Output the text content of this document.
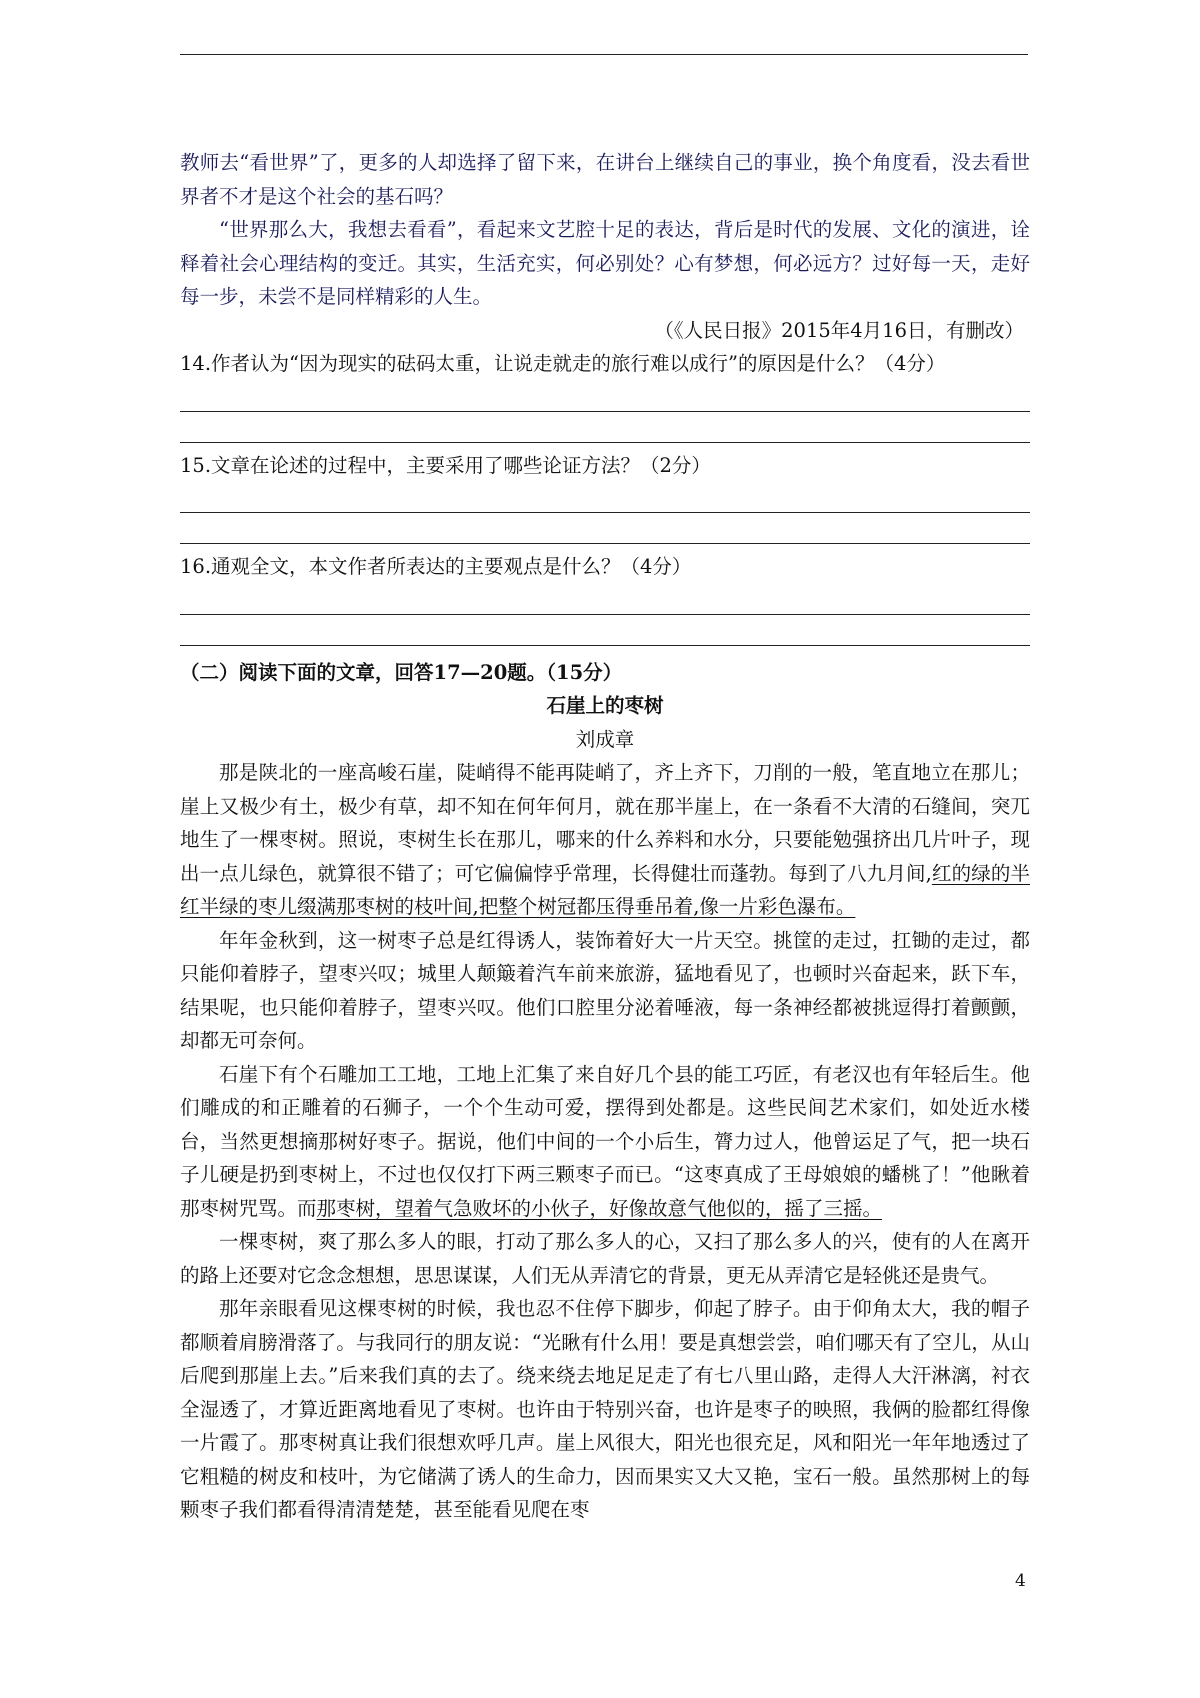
教师去“看世界”了，更多的人却选择了留下来，在讲台上继续自己的事业，换个角度看，没去看世界者不才是这个社会的基石吗？

“世界那么大，我想去看看”，看起来文艺腔十足的表达，背后是时代的发展、文化的演进，诠释着社会心理结构的变迁。其实，生活充实，何必别处？心有梦想，何必远方？过好每一天，走好每一步，未尝不是同样精彩的人生。

（《人民日报》2015年4月16日，有删改）

14.作者认为“因为现实的砝码太重，让说走就走的旅行难以成行”的原因是什么？（4分）

15.文章在论述的过程中，主要采用了哪些论证方法？（2分）

16.通观全文，本文作者所表达的主要观点是什么？（4分）

（二）阅读下面的文章，回答17—20题。（15分）

石崖上的枣树

刘成章

那是陕北的一座高峻石崖，陡峭得不能再陡峭了，齐上齐下，刀削的一般，笔直地立在那儿；崖上又极少有土，极少有草，却不知在何年何月，就在那半崖上，在一条看不大清的石缝间，突兀地生了一棵枣树。照说，枣树生长在那儿，哪来的什么养料和水分，只要能勉强挤出几片叶子，现出一点儿绿色，就算很不错了；可它偏偏悖乎常理，长得健壮而蓬勃。每到了八九月间,红的绿的半红半绿的枣儿缀满那枣树的枝叶间,把整个树冠都压得垂吊着,像一片彩色瀑布。

年年金秋到，这一树枣子总是红得诱人，装饰着好大一片天空。挑筐的走过，扛锄的走过，都只能仰着脖子，望枣兴叹；城里人颠簸着汽车前来旅游，猛地看见了，也顿时兴奋起来，跃下车，结果呢，也只能仰着脖子，望枣兴叹。他们口腔里分泌着唾液，每一条神经都被挑逗得打着颤颤，却都无可奈何。

石崖下有个石雕加工工地，工地上汇集了来自好几个县的能工巧匠，有老汉也有年轻后生。他们雕成的和正雕着的石狮子，一个个生动可爱，摆得到处都是。这些民间艺术家们，如处近水楼台，当然更想摘那树好枣子。据说，他们中间的一个小后生，膂力过人，他曾运足了气，把一块石子儿硬是扔到枣树上，不过也仅仅打下两三颗枣子而已。“这枣真成了王母娘娘的蟠桃了！”他瞅着那枣树咒骂。而那枣树，望着气急败坏的小伙子，好像故意气他似的，摇了三摇。

一棵枣树，爽了那么多人的眼，打动了那么多人的心，又扫了那么多人的兴，使有的人在离开的路上还要对它念念想想，思思谋谋，人们无从弄清它的背景，更无从弄清它是轻佻还是贵气。

那年亲眼看见这棵枣树的时候，我也忍不住停下脚步，仰起了脖子。由于仰角太大，我的帽子都顺着肩膀滑落了。与我同行的朋友说：“光瞅有什么用！要是真想尝尝，咱们哪天有了空儿，从山后爬到那崖上去。”后来我们真的去了。绕来绕去地足足走了有七八里山路，走得人大汗淋漓，衬衣全湿透了，才算近距离地看见了枣树。也许由于特别兴奋，也许是枣子的映照，我俩的脸都红得像一片霞了。那枣树真让我们很想欢呼几声。崖上风很大，阳光也很充足，风和阳光一年年地透过了它粗糙的树皮和枝叶，为它储满了诱人的生命力，因而果实又大又艳，宝石一般。虽然那树上的每颗枣子我们都看得清清楚楚，甚至能看见爬在枣

4
